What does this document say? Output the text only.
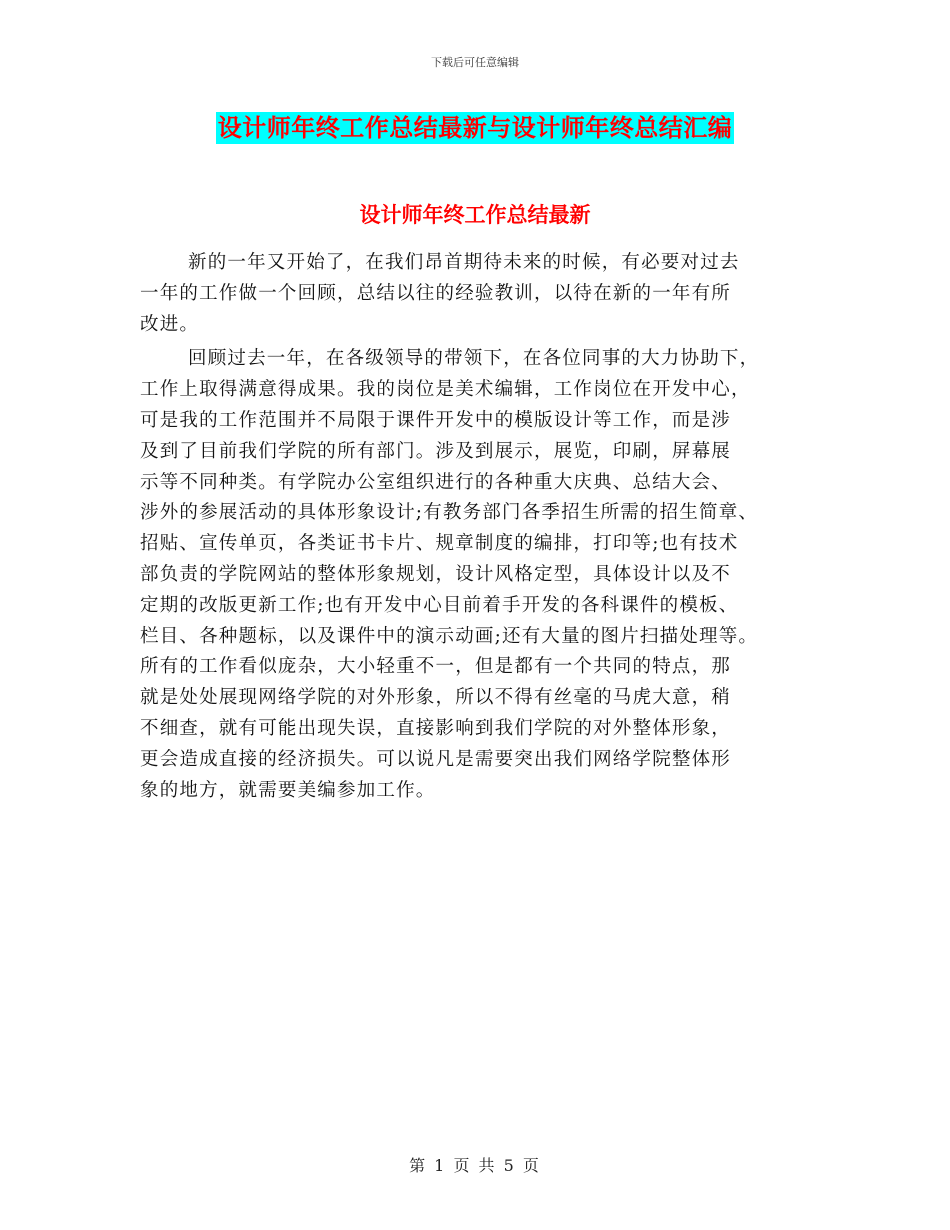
下载后可任意编辑
设计师年终工作总结最新与设计师年终总结汇编
设计师年终工作总结最新
新的一年又开始了，在我们昂首期待未来的时候，有必要对过去
一年的工作做一个回顾，总结以往的经验教训，以待在新的一年有所
改进。
回顾过去一年，在各级领导的带领下，在各位同事的大力协助下，
工作上取得满意得成果。我的岗位是美术编辑，工作岗位在开发中心，
可是我的工作范围并不局限于课件开发中的模版设计等工作，而是涉
及到了目前我们学院的所有部门。涉及到展示，展览，印刷，屏幕展
示等不同种类。有学院办公室组织进行的各种重大庆典、总结大会、
涉外的参展活动的具体形象设计;有教务部门各季招生所需的招生简章、
招贴、宣传单页，各类证书卡片、规章制度的编排，打印等;也有技术
部负责的学院网站的整体形象规划，设计风格定型，具体设计以及不
定期的改版更新工作;也有开发中心目前着手开发的各科课件的模板、
栏目、各种题标，以及课件中的演示动画;还有大量的图片扫描处理等。
所有的工作看似庞杂，大小轻重不一，但是都有一个共同的特点，那
就是处处展现网络学院的对外形象，所以不得有丝毫的马虎大意，稍
不细查，就有可能出现失误，直接影响到我们学院的对外整体形象，
更会造成直接的经济损失。可以说凡是需要突出我们网络学院整体形
象的地方，就需要美编参加工作。
第 1 页 共 5 页
